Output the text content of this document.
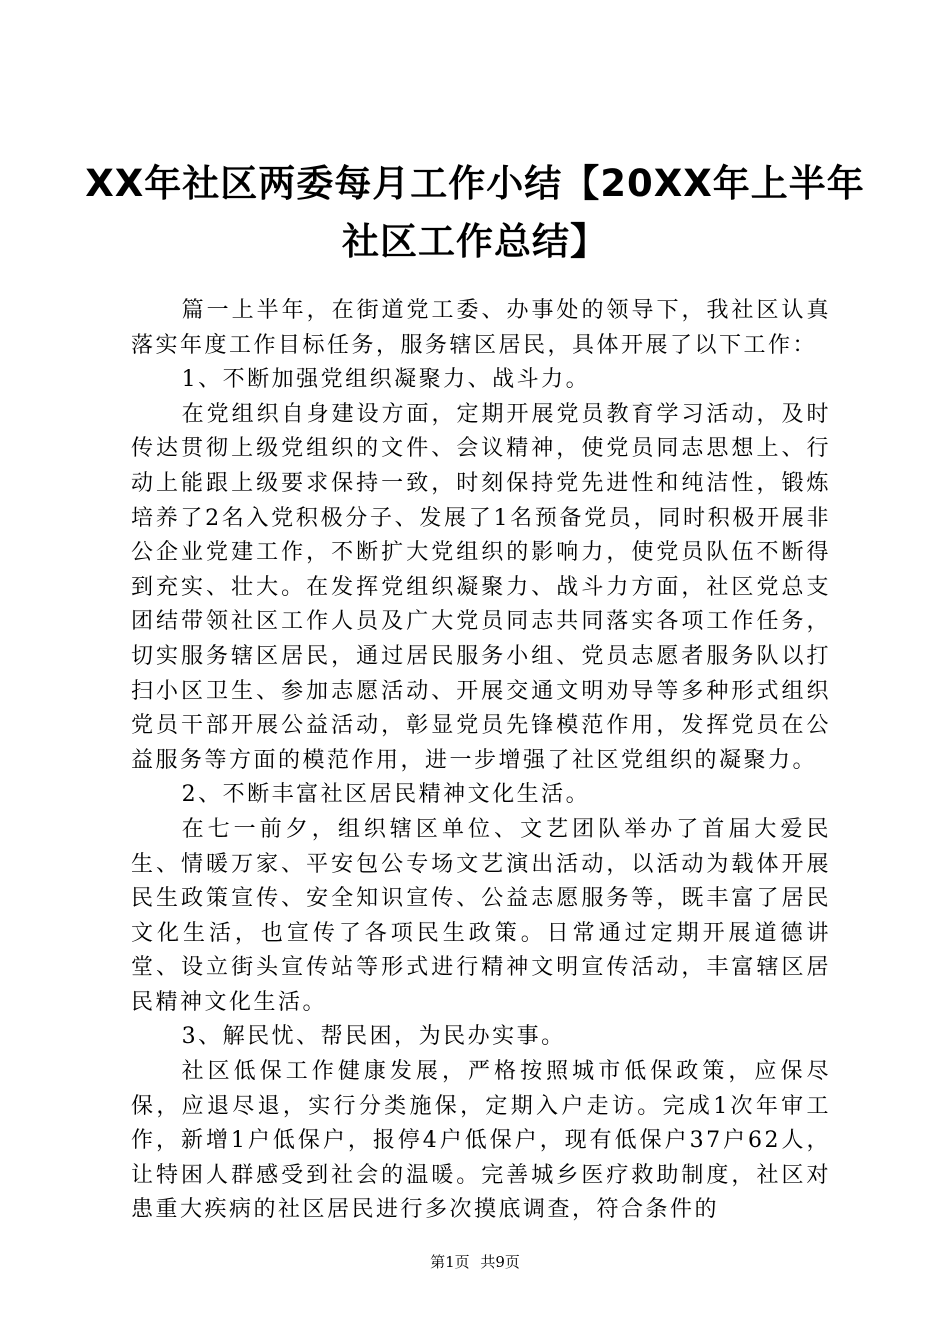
XX年社区两委每月工作小结【20XX年上半年
社区工作总结】

篇一上半年，在街道党工委、办事处的领导下，我社区认真落实年度工作目标任务，服务辖区居民，具体开展了以下工作：

1、不断加强党组织凝聚力、战斗力。

在党组织自身建设方面，定期开展党员教育学习活动，及时传达贯彻上级党组织的文件、会议精神，使党员同志思想上、行动上能跟上级要求保持一致，时刻保持党先进性和纯洁性，锻炼培养了2名入党积极分子、发展了1名预备党员，同时积极开展非公企业党建工作，不断扩大党组织的影响力，使党员队伍不断得到充实、壮大。在发挥党组织凝聚力、战斗力方面，社区党总支团结带领社区工作人员及广大党员同志共同落实各项工作任务，切实服务辖区居民，通过居民服务小组、党员志愿者服务队以打扫小区卫生、参加志愿活动、开展交通文明劝导等多种形式组织党员干部开展公益活动，彰显党员先锋模范作用，发挥党员在公益服务等方面的模范作用，进一步增强了社区党组织的凝聚力。

2、不断丰富社区居民精神文化生活。

在七一前夕，组织辖区单位、文艺团队举办了首届大爱民生、情暖万家、平安包公专场文艺演出活动，以活动为载体开展民生政策宣传、安全知识宣传、公益志愿服务等，既丰富了居民文化生活，也宣传了各项民生政策。日常通过定期开展道德讲堂、设立街头宣传站等形式进行精神文明宣传活动，丰富辖区居民精神文化生活。

3、解民忧、帮民困，为民办实事。

社区低保工作健康发展，严格按照城市低保政策，应保尽保，应退尽退，实行分类施保，定期入户走访。完成1次年审工作，新增1户低保户，报停4户低保户，现有低保户37户62人，让特困人群感受到社会的温暖。完善城乡医疗救助制度，社区对患重大疾病的社区居民进行多次摸底调查，符合条件的

第1页 共9页
